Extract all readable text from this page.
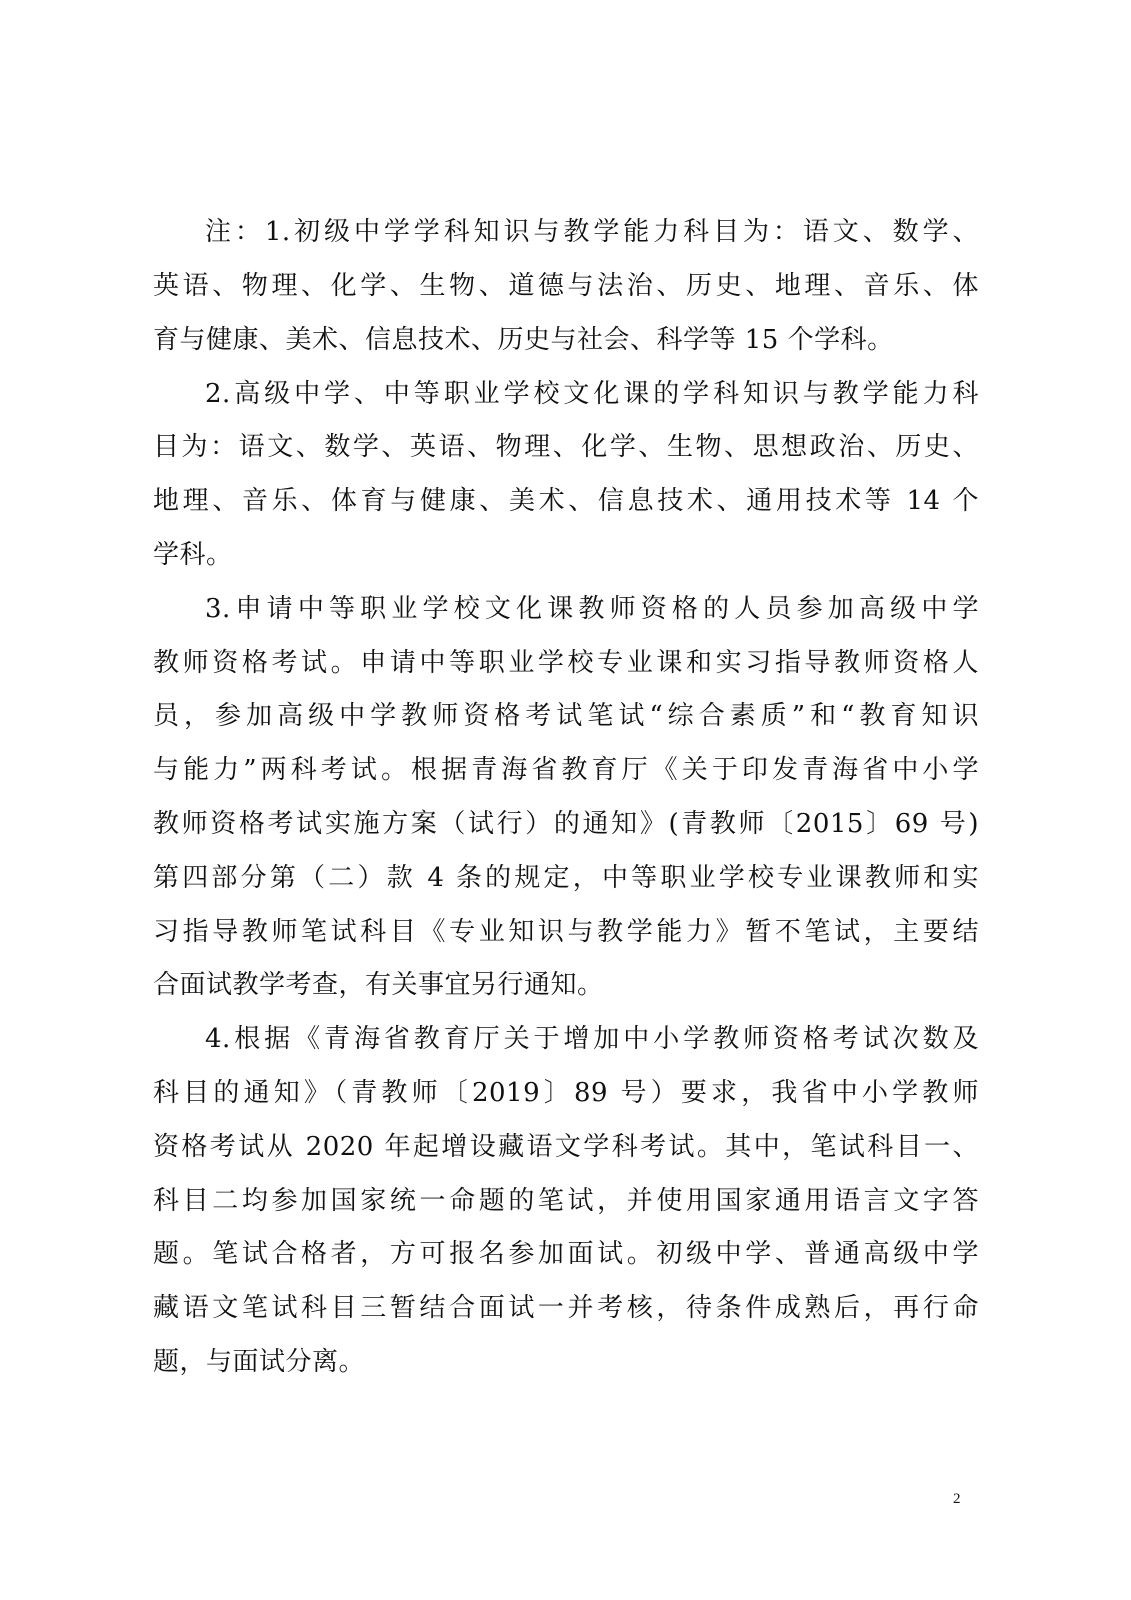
注：1.初级中学学科知识与教学能力科目为：语文、数学、
英语、物理、化学、生物、道德与法治、历史、地理、音乐、体
育与健康、美术、信息技术、历史与社会、科学等 15 个学科。
2.高级中学、中等职业学校文化课的学科知识与教学能力科
目为：语文、数学、英语、物理、化学、生物、思想政治、历史、
地理、音乐、体育与健康、美术、信息技术、通用技术等 14 个
学科。
3.申请中等职业学校文化课教师资格的人员参加高级中学
教师资格考试。申请中等职业学校专业课和实习指导教师资格人
员，参加高级中学教师资格考试笔试“综合素质”和“教育知识
与能力”两科考试。根据青海省教育厅《关于印发青海省中小学
教师资格考试实施方案（试行）的通知》(青教师〔2015〕69 号)
第四部分第（二）款 4 条的规定，中等职业学校专业课教师和实
习指导教师笔试科目《专业知识与教学能力》暂不笔试，主要结
合面试教学考查，有关事宜另行通知。
4.根据《青海省教育厅关于增加中小学教师资格考试次数及
科目的通知》（青教师〔2019〕89 号）要求，我省中小学教师
资格考试从 2020 年起增设藏语文学科考试。其中，笔试科目一、
科目二均参加国家统一命题的笔试，并使用国家通用语言文字答
题。笔试合格者，方可报名参加面试。初级中学、普通高级中学
藏语文笔试科目三暂结合面试一并考核，待条件成熟后，再行命
题，与面试分离。
2
